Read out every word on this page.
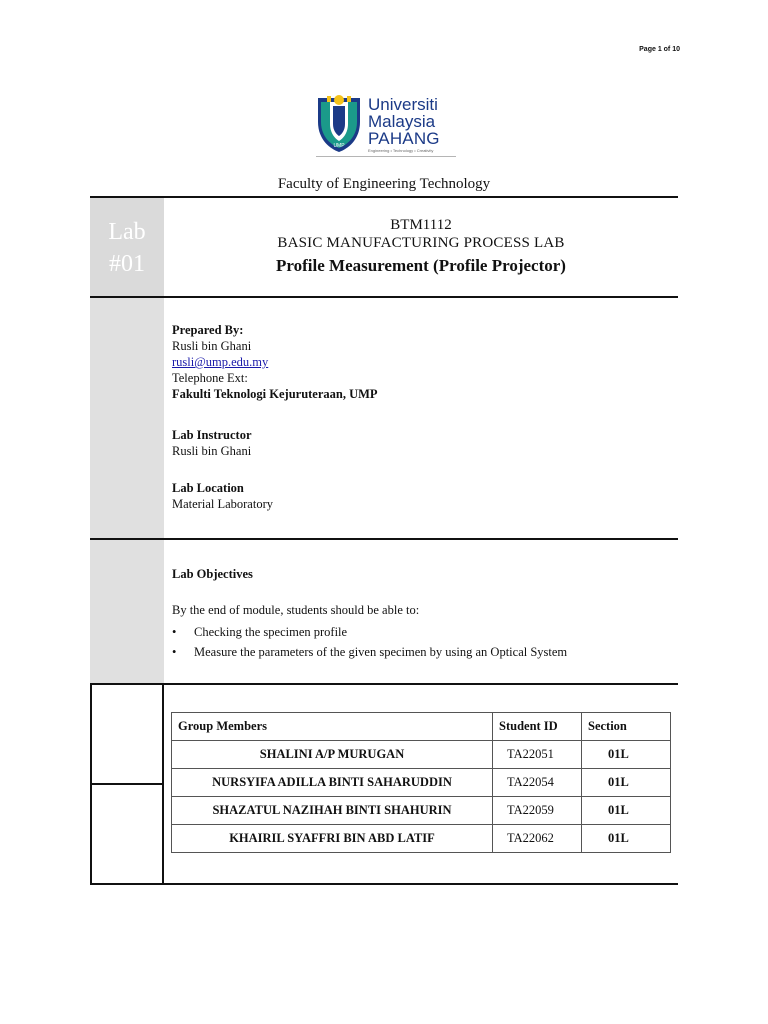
Page 1 of 10
UMP
Universiti
Malaysia
PAHANG
Engineering • Technology • Creativity
Faculty of Engineering Technology
Lab
#01
BTM1112
BASIC MANUFACTURING PROCESS LAB
Profile Measurement (Profile Projector)
Prepared By:
Rusli bin Ghani
rusli@ump.edu.my
Telephone Ext:
Fakulti Teknologi Kejuruteraan, UMP
Lab Instructor
Rusli bin Ghani
Lab Location
Material Laboratory
Lab Objectives
By the end of module, students should be able to:
• Checking the specimen profile
• Measure the parameters of the given specimen by using an Optical System
Group Members	Student ID	Section
SHALINI A/P MURUGAN	TA22051	01L
NURSYIFA ADILLA BINTI SAHARUDDIN	TA22054	01L
SHAZATUL NAZIHAH BINTI SHAHURIN	TA22059	01L
KHAIRIL SYAFFRI BIN ABD LATIF	TA22062	01L
